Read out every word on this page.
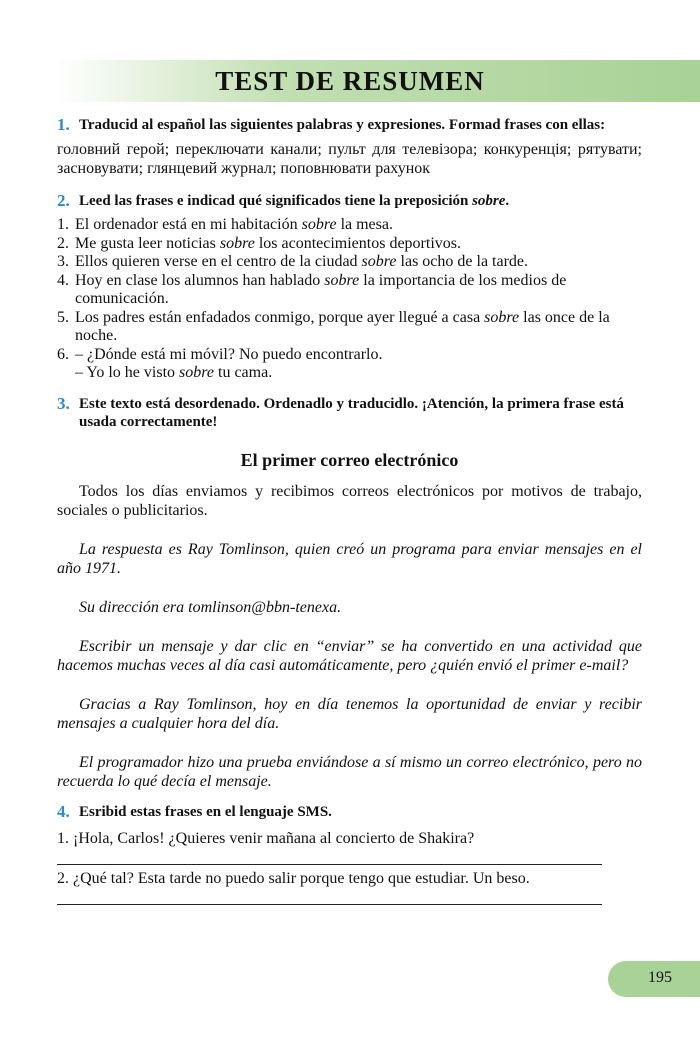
TEST DE RESUMEN
1. Traducid al español las siguientes palabras y expresiones. Formad frases con ellas:
головний герой; переключати канали; пульт для телевізора; конкуренція; рятувати; засновувати; глянцевий журнал; поповнювати рахунок
2. Leed las frases e indicad qué significados tiene la preposición sobre.
1. El ordenador está en mi habitación sobre la mesa.
2. Me gusta leer noticias sobre los acontecimientos deportivos.
3. Ellos quieren verse en el centro de la ciudad sobre las ocho de la tarde.
4. Hoy en clase los alumnos han hablado sobre la importancia de los medios de comunicación.
5. Los padres están enfadados conmigo, porque ayer llegué a casa sobre las once de la noche.
6. – ¿Dónde está mi móvil? No puedo encontrarlo.
– Yo lo he visto sobre tu cama.
3. Este texto está desordenado. Ordenadlo y traducidlo. ¡Atención, la primera frase está usada correctamente!
El primer correo electrónico

Todos los días enviamos y recibimos correos electrónicos por motivos de trabajo, sociales o publicitarios.

La respuesta es Ray Tomlinson, quien creó un programa para enviar mensajes en el año 1971.

Su dirección era tomlinson@bbn-tenexa.

Escribir un mensaje y dar clic en “enviar” se ha convertido en una actividad que hacemos muchas veces al día casi automáticamente, pero ¿quién envió el primer e-mail?

Gracias a Ray Tomlinson, hoy en día tenemos la oportunidad de enviar y recibir mensajes a cualquier hora del día.

El programador hizo una prueba enviándose a sí mismo un correo electrónico, pero no recuerda lo qué decía el mensaje.

4. Esribid estas frases en el lenguaje SMS.
1. ¡Hola, Carlos! ¿Quieres venir mañana al concierto de Shakira?
2. ¿Qué tal? Esta tarde no puedo salir porque tengo que estudiar. Un beso.
195
